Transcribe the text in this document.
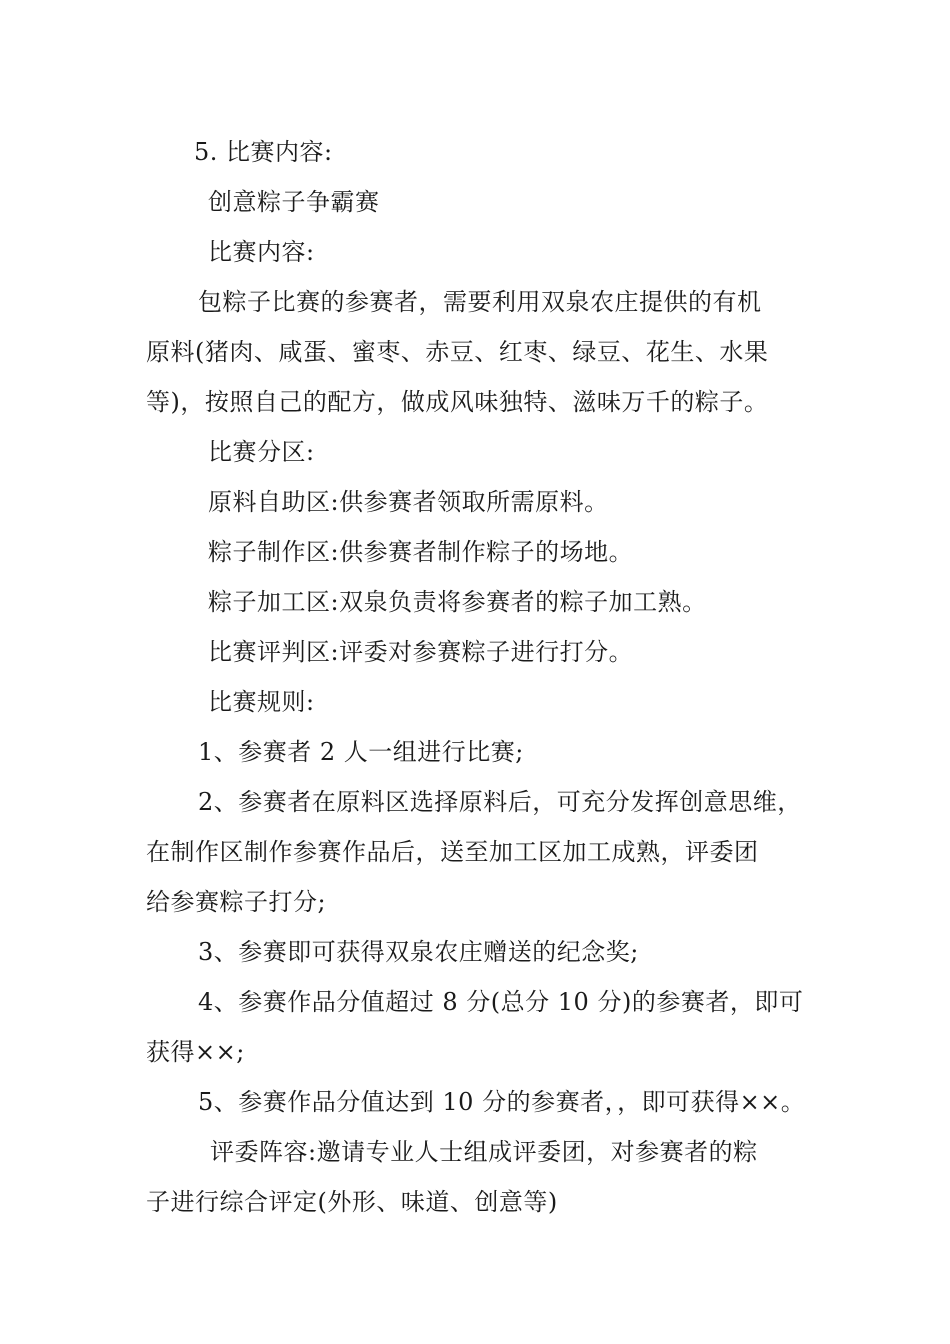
5. 比赛内容:

创意粽子争霸赛

比赛内容:

包粽子比赛的参赛者，需要利用双泉农庄提供的有机

原料(猪肉、咸蛋、蜜枣、赤豆、红枣、绿豆、花生、水果

等)，按照自己的配方，做成风味独特、滋味万千的粽子。

比赛分区:

原料自助区:供参赛者领取所需原料。

粽子制作区:供参赛者制作粽子的场地。

粽子加工区:双泉负责将参赛者的粽子加工熟。

比赛评判区:评委对参赛粽子进行打分。

比赛规则:

1、参赛者 2 人一组进行比赛;

2、参赛者在原料区选择原料后，可充分发挥创意思维，

在制作区制作参赛作品后，送至加工区加工成熟，评委团

给参赛粽子打分;

3、参赛即可获得双泉农庄赠送的纪念奖;

4、参赛作品分值超过 8 分(总分 10 分)的参赛者，即可

获得××;

5、参赛作品分值达到 10 分的参赛者，，即可获得××。

评委阵容:邀请专业人士组成评委团，对参赛者的粽

子进行综合评定(外形、味道、创意等)
